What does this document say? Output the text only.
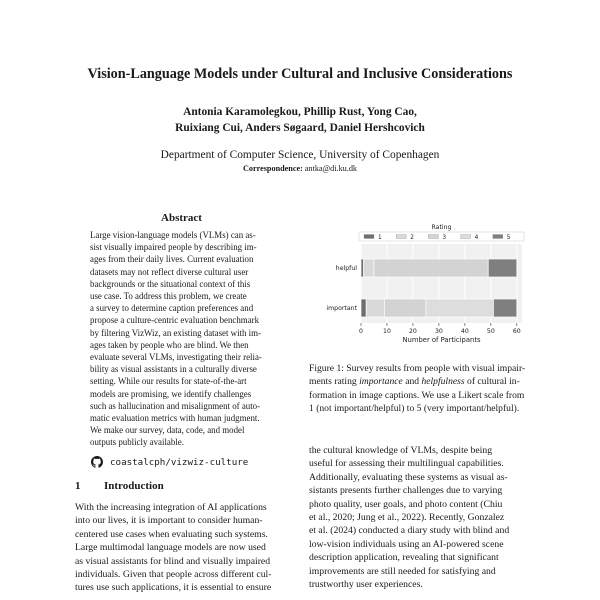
Vision-Language Models under Cultural and Inclusive Considerations
Antonia Karamolegkou, Phillip Rust, Yong Cao,
Ruixiang Cui, Anders Søgaard, Daniel Hershcovich
Department of Computer Science, University of Copenhagen
Correspondence: antka@di.ku.dk
Abstract
Large vision-language models (VLMs) can as-
sist visually impaired people by describing im-
ages from their daily lives. Current evaluation
datasets may not reflect diverse cultural user
backgrounds or the situational context of this
use case. To address this problem, we create
a survey to determine caption preferences and
propose a culture-centric evaluation benchmark
by filtering VizWiz, an existing dataset with im-
ages taken by people who are blind. We then
evaluate several VLMs, investigating their relia-
bility as visual assistants in a culturally diverse
setting. While our results for state-of-the-art
models are promising, we identify challenges
such as hallucination and misalignment of auto-
matic evaluation metrics with human judgment.
We make our survey, data, code, and model
outputs publicly available.
coastalcph/vizwiz-culture
1 Introduction
With the increasing integration of AI applications
into our lives, it is important to consider human-
centered use cases when evaluating such systems.
Large multimodal language models are now used
as visual assistants for blind and visually impaired
individuals. Given that people across different cul-
tures use such applications, it is essential to ensure
0	10	20	30	40	50	60
Number of Participants
helpful
important
Rating
1	2	3	4	5
Figure 1: Survey results from people with visual impair-
ments rating importance and helpfulness of cultural in-
formation in image captions. We use a Likert scale from
1 (not important/helpful) to 5 (very important/helpful).
the cultural knowledge of VLMs, despite being
useful for assessing their multilingual capabilities.
Additionally, evaluating these systems as visual as-
sistants presents further challenges due to varying
photo quality, user goals, and photo content (Chiu
et al., 2020; Jung et al., 2022). Recently, Gonzalez
et al. (2024) conducted a diary study with blind and
low-vision individuals using an AI-powered scene
description application, revealing that significant
improvements are still needed for satisfying and
trustworthy user experiences.
